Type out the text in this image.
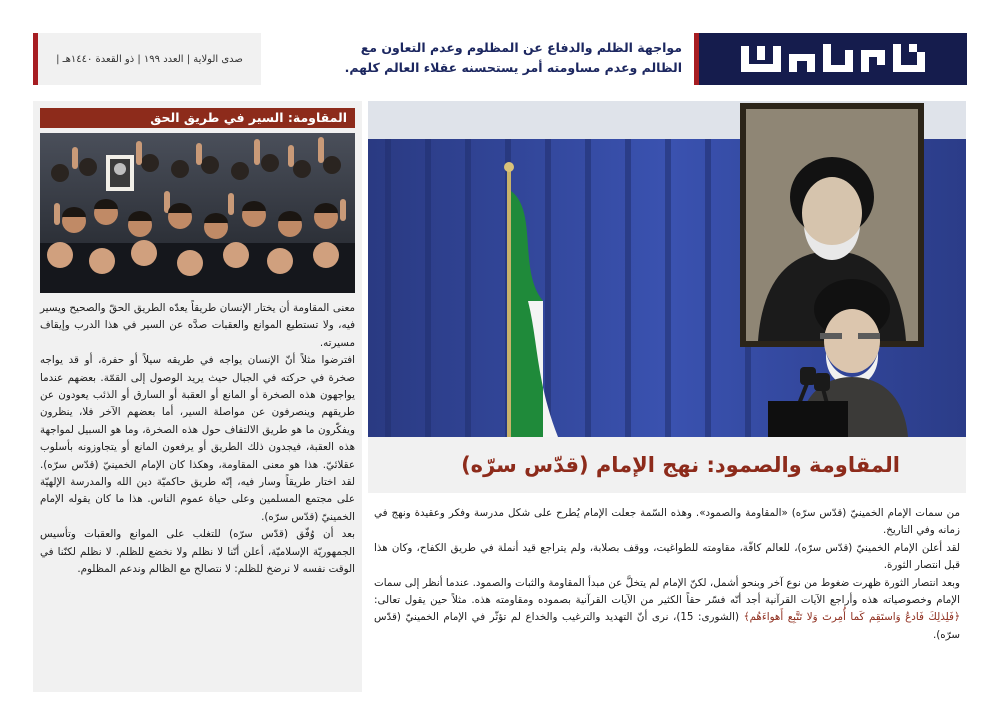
صدى الولاية | العدد ١٩٩ | ذو القعدة ١٤٤٠هـ |
مواجهة الظلم والدفاع عن المظلوم وعدم التعاون مع
الظالم وعدم مساومته أمر يستحسنه عقلاء العالم كلهم.
المقاومة: السير في طريق الحق

معنى المقاومة أن يختار الإنسان طريقاً يعدّه الطريق الحقّ والصحيح ويسير فيه، ولا تستطيع الموانع والعقبات صدَّه عن السير في هذا الدرب وإيقاف مسيرته.

افترضوا مثلاً أنّ الإنسان يواجه في طريقه سيلاً أو حفرة، أو قد يواجه صخرة في حركته في الجبال حيث يريد الوصول إلى القمّة. بعضهم عندما يواجهون هذه الصخرة أو المانع أو العقبة أو السارق أو الذئب يعودون عن طريقهم وينصرفون عن مواصلة السير، أما بعضهم الآخر فلا، ينظرون ويفكّرون ما هو طريق الالتفاف حول هذه الصخرة، وما هو السبيل لمواجهة هذه العقبة، فيجدون ذلك الطريق أو يرفعون المانع أو يتجاوزونه بأسلوب عقلائيّ. هذا هو معنى المقاومة، وهكذا كان الإمام الخمينيّ (قدّس سرّه). لقد اختار طريقاً وسار فيه، إنّه طريق حاكميّة دين الله والمدرسة الإلهيّة على مجتمع المسلمين وعلى حياة عموم الناس. هذا ما كان يقوله الإمام الخمينيّ (قدّس سرّه).

بعد أن وُفّق (قدّس سرّه) للتغلب على الموانع والعقبات وتأسيس الجمهوريّة الإسلاميّة، أعلن أنّنا لا نظلم ولا نخضع للظلم. لا نظلم لكنّنا في الوقت نفسه لا نرضخ للظلم: لا نتصالح مع الظالم وندعم المظلوم.

المقاومة والصمود: نهج الإمام (قدّس سرّه)

من سمات الإمام الخمينيّ (قدّس سرّه) «المقاومة والصمود». وهذه السّمة جعلت الإمام يُطرح على شكل مدرسة وفكر وعقيدة ونهج في زمانه وفي التاريخ.

لقد أعلن الإمام الخمينيّ (قدّس سرّه)، للعالم كافّة، مقاومته للطواغيت، ووقف بصلابة، ولم يتراجع قيد أنملة في طريق الكفاح، وكان هذا قبل انتصار الثورة.

وبعد انتصار الثورة ظهرت ضغوط من نوع آخر وبنحو أشمل، لكنّ الإمام لم يتخلَّ عن مبدأ المقاومة والثبات والصمود. عندما أنظر إلى سمات الإمام وخصوصياته هذه وأراجع الآيات القرآنية أجد أنّه فسّر حقاً الكثير من الآيات القرآنية بصموده ومقاومته هذه. مثلاً حين يقول تعالى: ﴿فَلِذلِكَ فَادعُ وَاستَقِم كَما أُمِرتَ وَلا تَتَّبِع أَهواءَهُم﴾ (الشورى: 15)، نرى أنّ التهديد والترغيب والخداع لم تؤثّر في الإمام الخمينيّ (قدّس سرّه).
